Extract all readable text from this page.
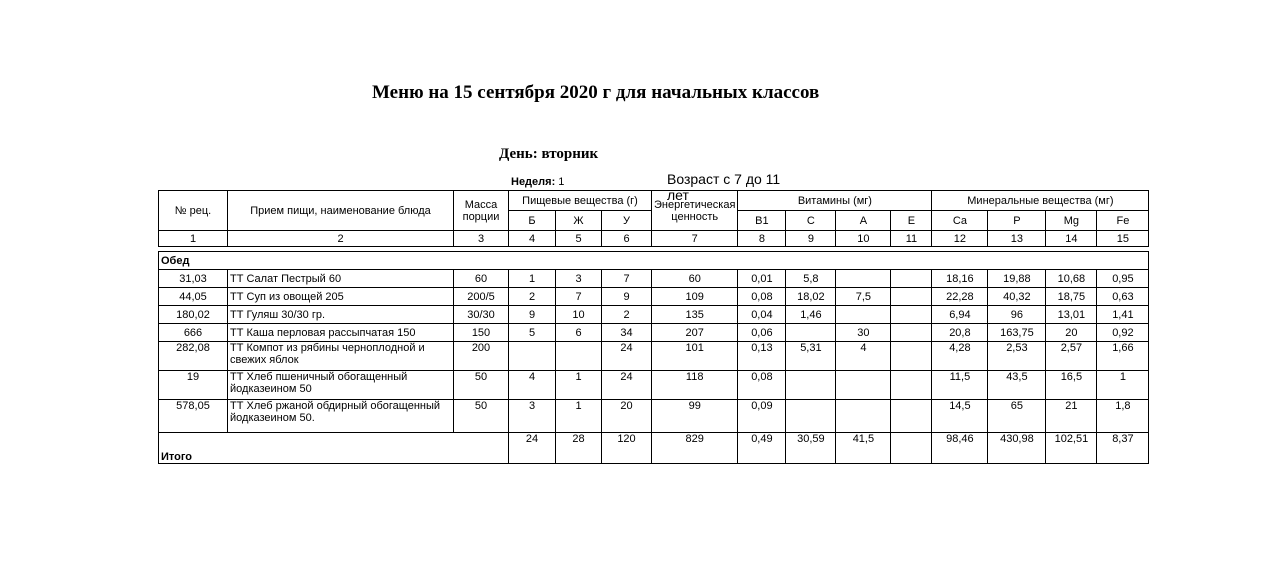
Меню на 15 сентября 2020 г для начальных классов
День: вторник
Неделя: 1	Возраст с 7 до 11 лет
№ рец.	Прием пищи, наименование блюда	Масса порции	Пищевые вещества (г)			Энергетическая ценность	Витамины (мг)				Минеральные вещества (мг)			
			Б	Ж	У		В1	С	А	Е	Ca	P	Mg	Fe
1	2	3	4	5	6	7	8	9	10	11	12	13	14	15

Обед														
31,03	ТТ Салат Пестрый 60	60	1	3	7	60	0,01	5,8			18,16	19,88	10,68	0,95
44,05	ТТ Суп из овощей 205	200/5	2	7	9	109	0,08	18,02	7,5		22,28	40,32	18,75	0,63
180,02	ТТ Гуляш 30/30 гр.	30/30	9	10	2	135	0,04	1,46			6,94	96	13,01	1,41
666	ТТ Каша перловая рассыпчатая 150	150	5	6	34	207	0,06		30		20,8	163,75	20	0,92
282,08	ТТ Компот из рябины черноплодной и свежих яблок	200			24	101	0,13	5,31	4		4,28	2,53	2,57	1,66
19	ТТ Хлеб пшеничный обогащенный йодказеином 50	50	4	1	24	118	0,08				11,5	43,5	16,5	1
578,05	ТТ Хлеб ржаной обдирный обогащенный йодказеином 50.	50	3	1	20	99	0,09				14,5	65	21	1,8
Итого			24	28	120	829	0,49	30,59	41,5		98,46	430,98	102,51	8,37
